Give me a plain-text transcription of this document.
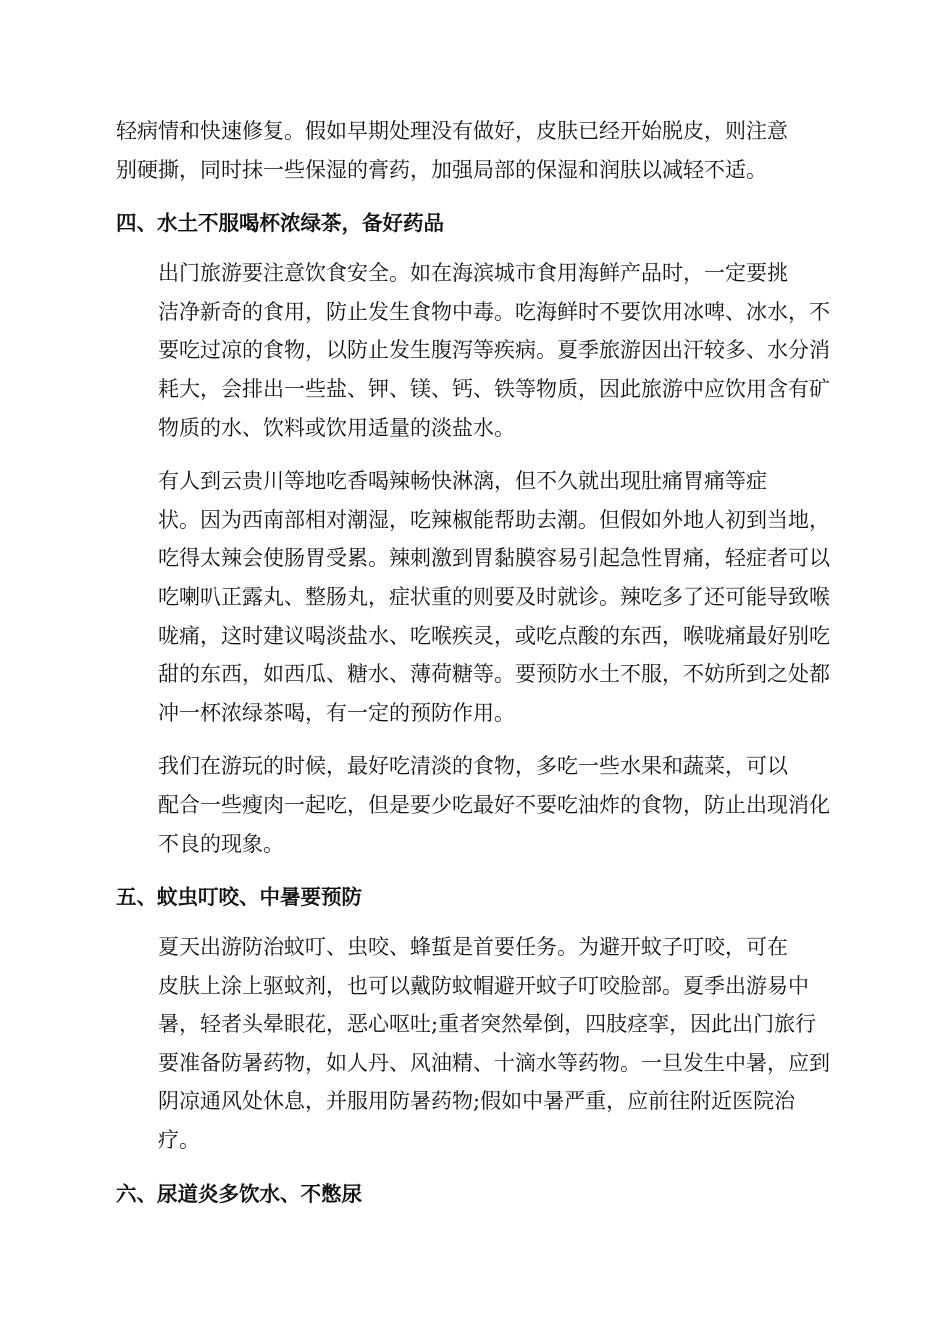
轻病情和快速修复。假如早期处理没有做好，皮肤已经开始脱皮，则注意
别硬撕，同时抹一些保湿的膏药，加强局部的保湿和润肤以减轻不适。
四、水土不服喝杯浓绿茶，备好药品
出门旅游要注意饮食安全。如在海滨城市食用海鲜产品时，一定要挑
洁净新奇的食用，防止发生食物中毒。吃海鲜时不要饮用冰啤、冰水，不
要吃过凉的食物，以防止发生腹泻等疾病。夏季旅游因出汗较多、水分消
耗大，会排出一些盐、钾、镁、钙、铁等物质，因此旅游中应饮用含有矿
物质的水、饮料或饮用适量的淡盐水。
有人到云贵川等地吃香喝辣畅快淋漓，但不久就出现肚痛胃痛等症
状。因为西南部相对潮湿，吃辣椒能帮助去潮。但假如外地人初到当地，
吃得太辣会使肠胃受累。辣刺激到胃黏膜容易引起急性胃痛，轻症者可以
吃喇叭正露丸、整肠丸，症状重的则要及时就诊。辣吃多了还可能导致喉
咙痛，这时建议喝淡盐水、吃喉疾灵，或吃点酸的东西，喉咙痛最好别吃
甜的东西，如西瓜、糖水、薄荷糖等。要预防水土不服，不妨所到之处都
冲一杯浓绿茶喝，有一定的预防作用。
我们在游玩的时候，最好吃清淡的食物，多吃一些水果和蔬菜，可以
配合一些瘦肉一起吃，但是要少吃最好不要吃油炸的食物，防止出现消化
不良的现象。
五、蚊虫叮咬、中暑要预防
夏天出游防治蚊叮、虫咬、蜂蜇是首要任务。为避开蚊子叮咬，可在
皮肤上涂上驱蚊剂，也可以戴防蚊帽避开蚊子叮咬脸部。夏季出游易中
暑，轻者头晕眼花，恶心呕吐;重者突然晕倒，四肢痉挛，因此出门旅行
要准备防暑药物，如人丹、风油精、十滴水等药物。一旦发生中暑，应到
阴凉通风处休息，并服用防暑药物;假如中暑严重，应前往附近医院治
疗。
六、尿道炎多饮水、不憋尿
